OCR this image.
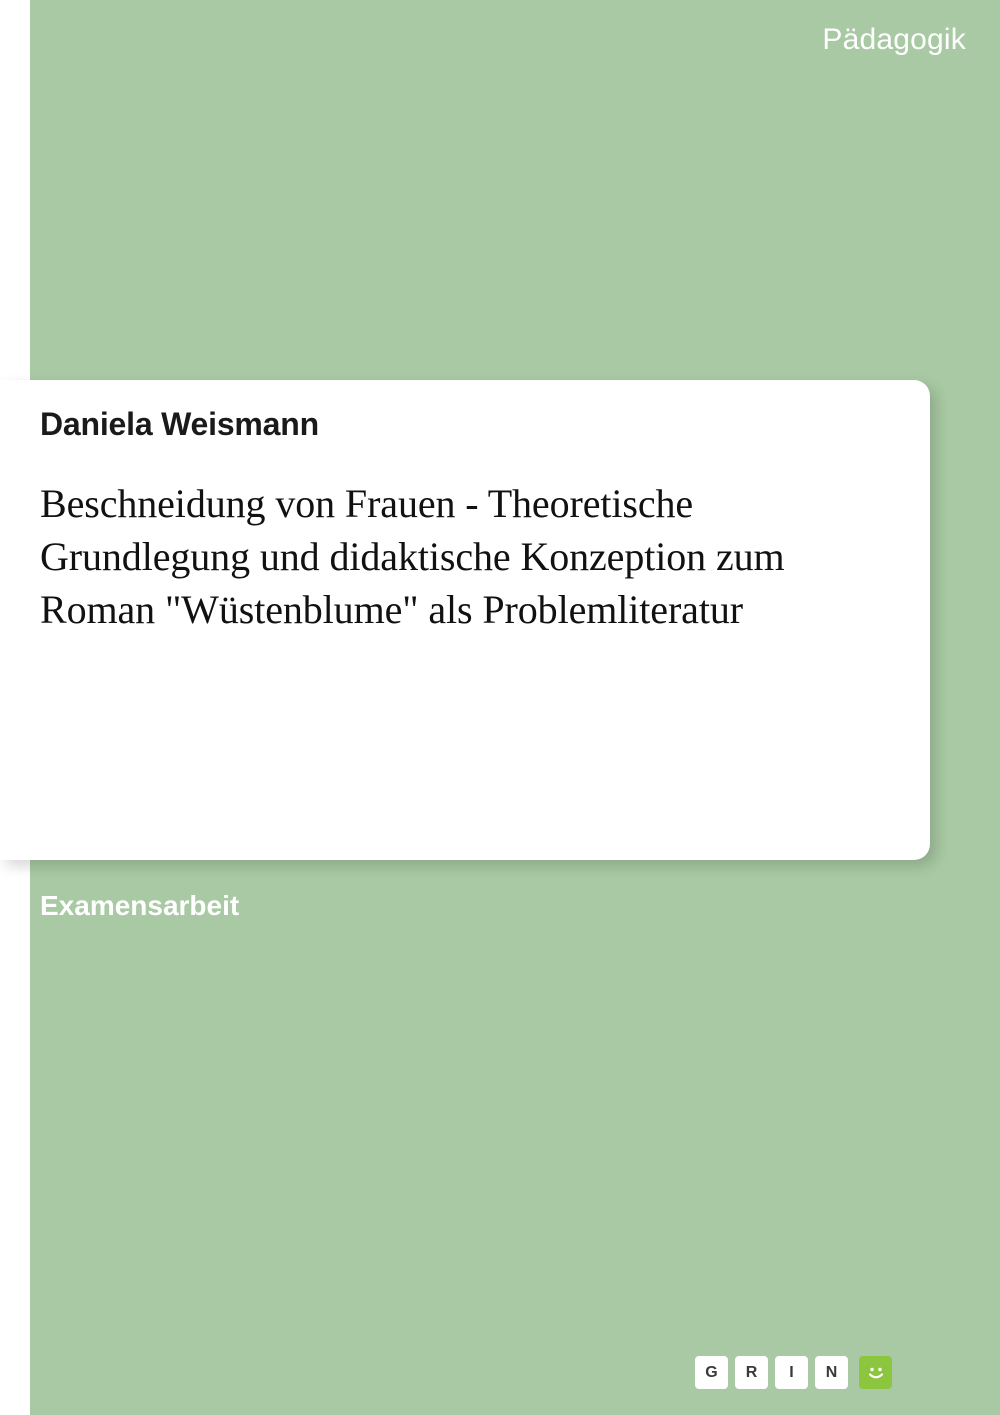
Pädagogik
Daniela Weismann
Beschneidung von Frauen - Theoretische Grundlegung und didaktische Konzeption zum Roman "Wüstenblume" als Problemliteratur
Examensarbeit
G	R	I	N
